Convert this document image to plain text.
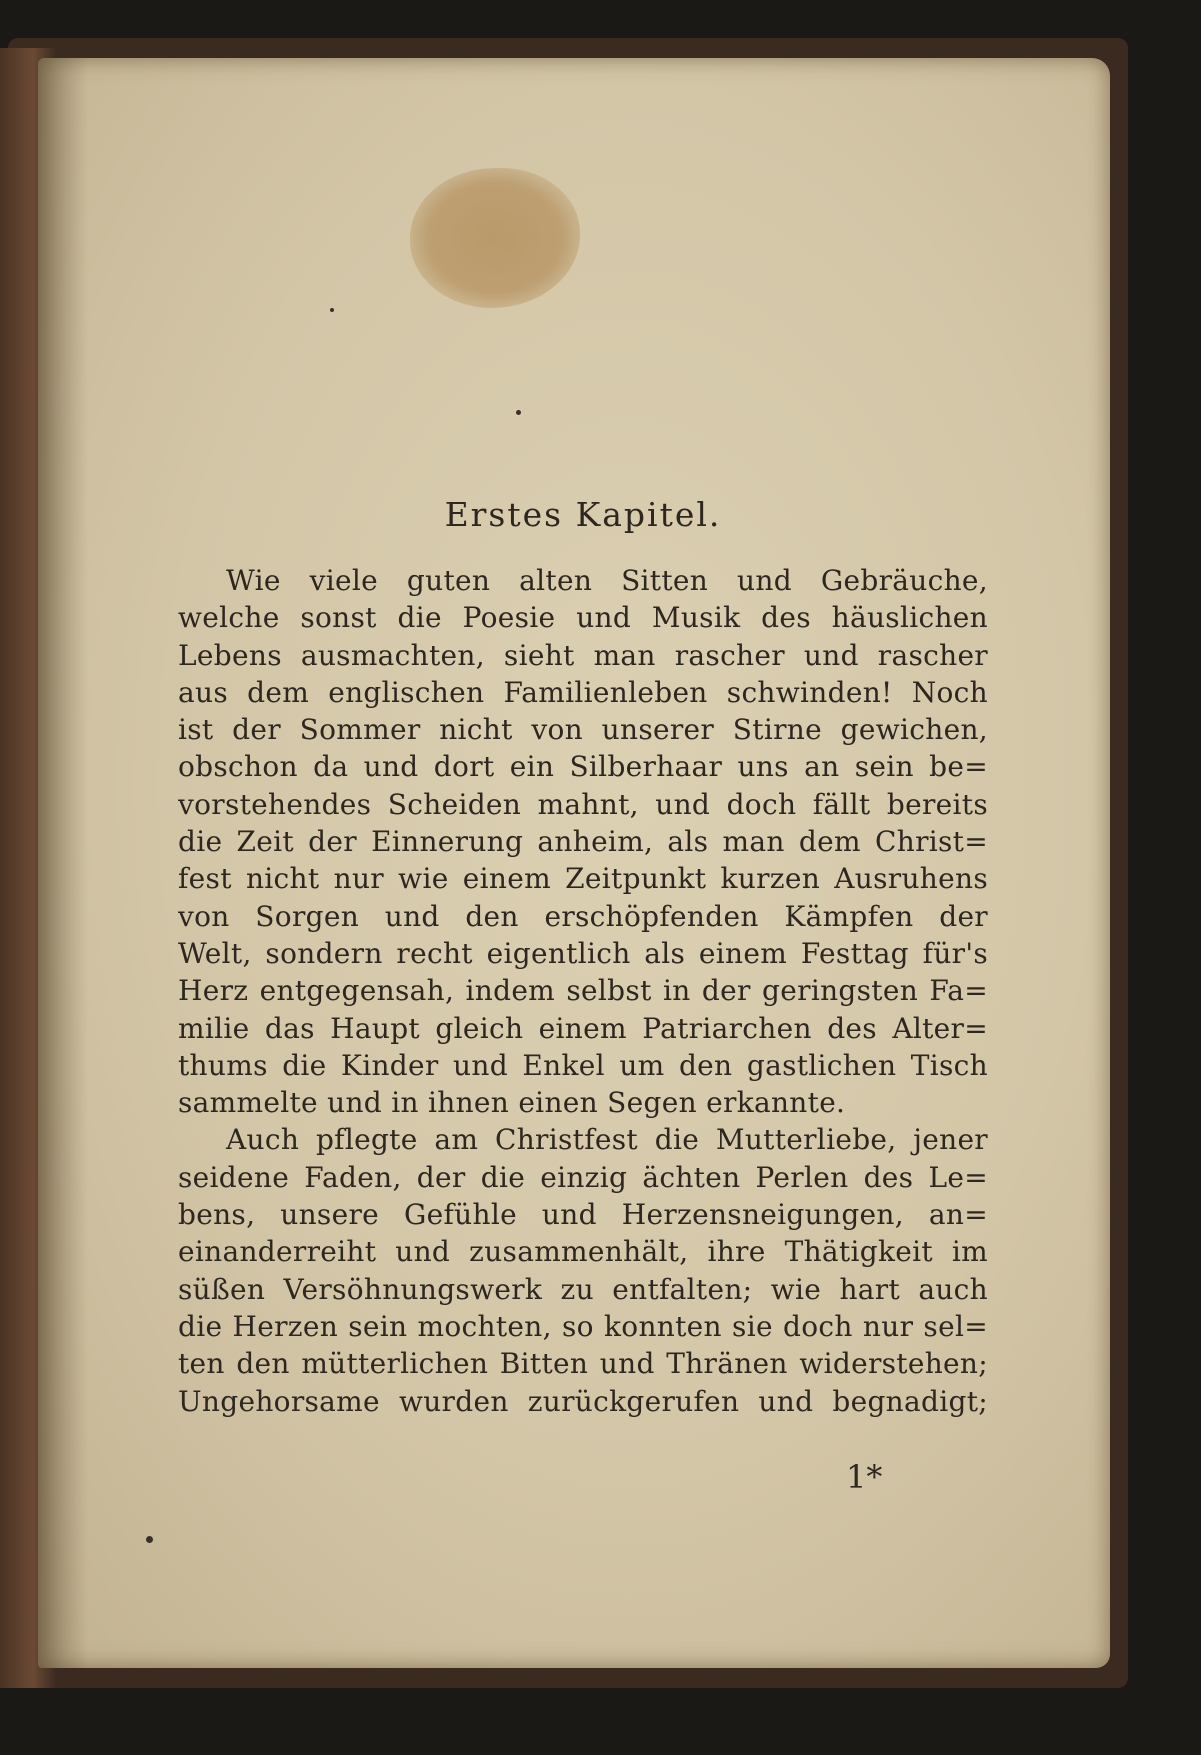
Erstes Kapitel.

Wie viele guten alten Sitten und Gebräuche,
welche sonst die Poesie und Musik des häuslichen
Lebens ausmachten, sieht man rascher und rascher
aus dem englischen Familienleben schwinden! Noch
ist der Sommer nicht von unserer Stirne gewichen,
obschon da und dort ein Silberhaar uns an sein be=
vorstehendes Scheiden mahnt, und doch fällt bereits
die Zeit der Einnerung anheim, als man dem Christ=
fest nicht nur wie einem Zeitpunkt kurzen Ausruhens
von Sorgen und den erschöpfenden Kämpfen der
Welt, sondern recht eigentlich als einem Festtag für's
Herz entgegensah, indem selbst in der geringsten Fa=
milie das Haupt gleich einem Patriarchen des Alter=
thums die Kinder und Enkel um den gastlichen Tisch
sammelte und in ihnen einen Segen erkannte.

Auch pflegte am Christfest die Mutterliebe, jener
seidene Faden, der die einzig ächten Perlen des Le=
bens, unsere Gefühle und Herzensneigungen, an=
einanderreiht und zusammenhält, ihre Thätigkeit im
süßen Versöhnungswerk zu entfalten; wie hart auch
die Herzen sein mochten, so konnten sie doch nur sel=
ten den mütterlichen Bitten und Thränen widerstehen;
Ungehorsame wurden zurückgerufen und begnadigt;

1*
